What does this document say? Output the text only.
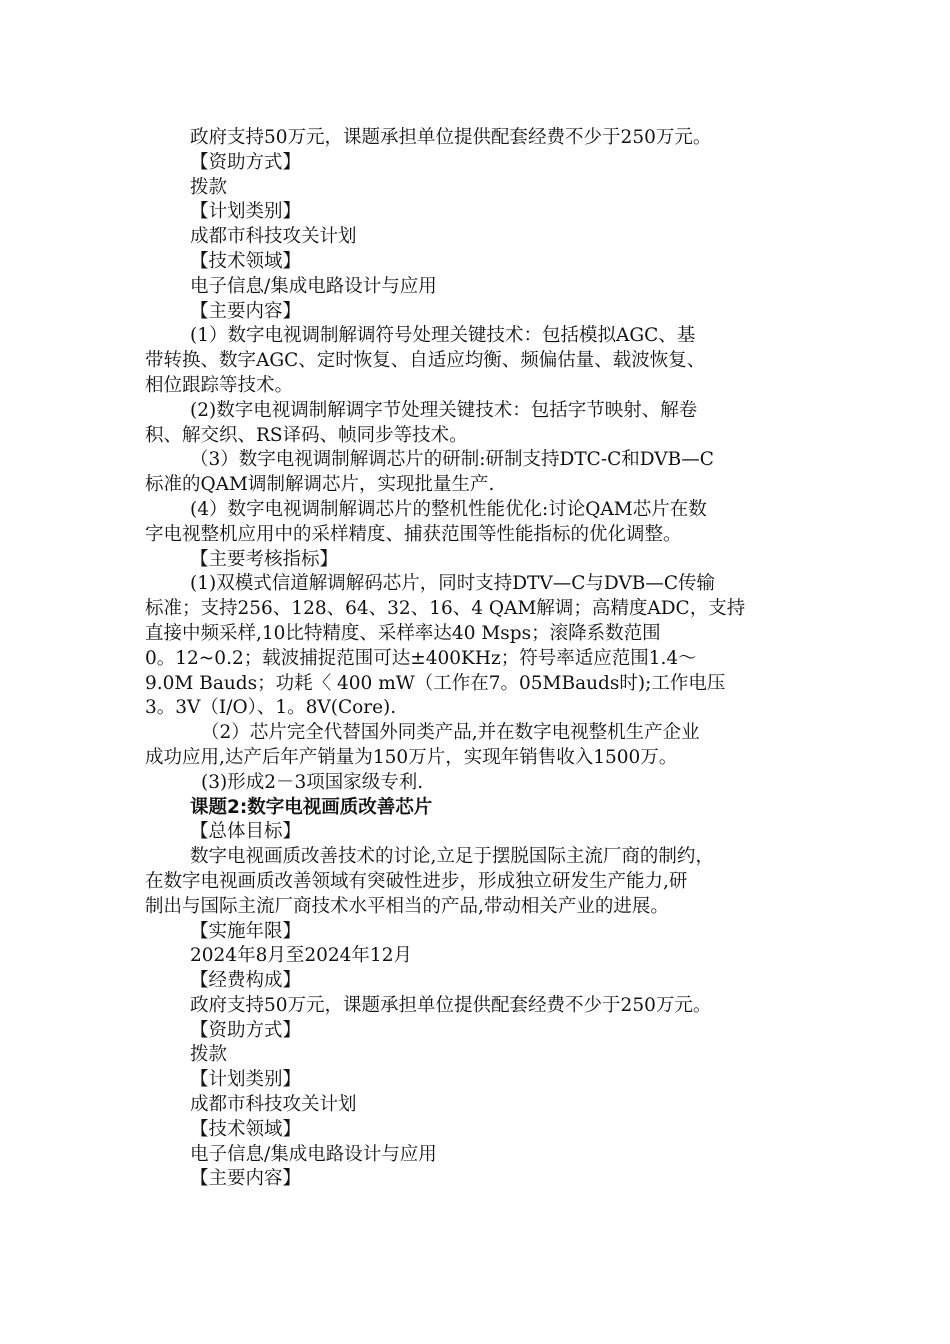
政府支持50万元，课题承担单位提供配套经费不少于250万元。
【资助方式】
拨款
【计划类别】
成都市科技攻关计划
【技术领域】
电子信息/集成电路设计与应用
【主要内容】
(1）数字电视调制解调符号处理关键技术：包括模拟AGC、基
带转换、数字AGC、定时恢复、自适应均衡、频偏估量、载波恢复、
相位跟踪等技术。
(2)数字电视调制解调字节处理关键技术：包括字节映射、解卷
积、解交织、RS译码、帧同步等技术。
（3）数字电视调制解调芯片的研制:研制支持DTC-C和DVB—C
标准的QAM调制解调芯片，实现批量生产.
(4）数字电视调制解调芯片的整机性能优化:讨论QAM芯片在数
字电视整机应用中的采样精度、捕获范围等性能指标的优化调整。
【主要考核指标】
(1)双模式信道解调解码芯片，同时支持DTV—C与DVB—C传输
标准；支持256、128、64、32、16、4 QAM解调；高精度ADC，支持
直接中频采样,10比特精度、采样率达40 Msps；滚降系数范围
0。12~0.2；载波捕捉范围可达±400KHz；符号率适应范围1.4～
9.0M Bauds；功耗〈 400 mW（工作在7。05MBauds时);工作电压
3。3V（I/O）、1。8V(Core).
（2）芯片完全代替国外同类产品,并在数字电视整机生产企业
成功应用,达产后年产销量为150万片，实现年销售收入1500万。
(3)形成2－3项国家级专利.
课题2:数字电视画质改善芯片
【总体目标】
数字电视画质改善技术的讨论,立足于摆脱国际主流厂商的制约，
在数字电视画质改善领域有突破性进步，形成独立研发生产能力,研
制出与国际主流厂商技术水平相当的产品,带动相关产业的进展。
【实施年限】
2024年8月至2024年12月
【经费构成】
政府支持50万元，课题承担单位提供配套经费不少于250万元。
【资助方式】
拨款
【计划类别】
成都市科技攻关计划
【技术领域】
电子信息/集成电路设计与应用
【主要内容】
